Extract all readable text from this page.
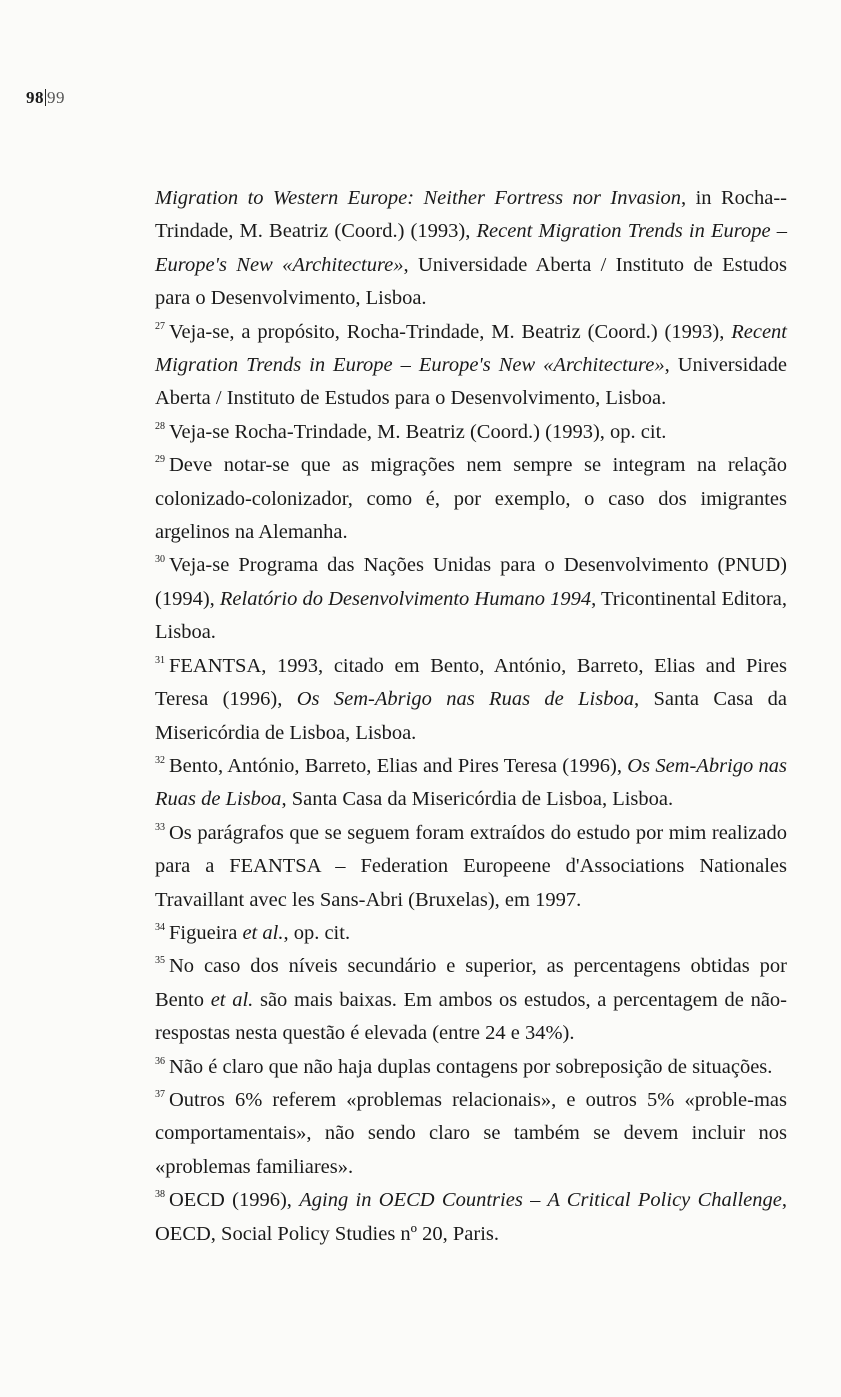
98 99

Migration to Western Europe: Neither Fortress nor Invasion, in Rocha--Trindade, M. Beatriz (Coord.) (1993), Recent Migration Trends in Europe – Europe's New «Architecture», Universidade Aberta / Instituto de Estudos para o Desenvolvimento, Lisboa.

$^{27}$ Veja-se, a propósito, Rocha-Trindade, M. Beatriz (Coord.) (1993), Recent Migration Trends in Europe – Europe's New «Architecture», Universidade Aberta / Instituto de Estudos para o Desenvolvimento, Lisboa.

$^{28}$ Veja-se Rocha-Trindade, M. Beatriz (Coord.) (1993), op. cit.

$^{29}$ Deve notar-se que as migrações nem sempre se integram na relação colonizado-colonizador, como é, por exemplo, o caso dos imigrantes argelinos na Alemanha.

$^{30}$ Veja-se Programa das Nações Unidas para o Desenvolvimento (PNUD) (1994), Relatório do Desenvolvimento Humano 1994, Tricontinental Editora, Lisboa.

$^{31}$ FEANTSA, 1993, citado em Bento, António, Barreto, Elias and Pires Teresa (1996), Os Sem-Abrigo nas Ruas de Lisboa, Santa Casa da Misericórdia de Lisboa, Lisboa.

$^{32}$ Bento, António, Barreto, Elias and Pires Teresa (1996), Os Sem-Abrigo nas Ruas de Lisboa, Santa Casa da Misericórdia de Lisboa, Lisboa.

$^{33}$ Os parágrafos que se seguem foram extraídos do estudo por mim realizado para a FEANTSA – Federation Europeene d'Associations Nationales Travaillant avec les Sans-Abri (Bruxelas), em 1997.

$^{34}$ Figueira et al., op. cit.

$^{35}$ No caso dos níveis secundário e superior, as percentagens obtidas por Bento et al. são mais baixas. Em ambos os estudos, a percentagem de não-respostas nesta questão é elevada (entre 24 e 34%).

$^{36}$ Não é claro que não haja duplas contagens por sobreposição de situações.

$^{37}$ Outros 6% referem «problemas relacionais», e outros 5% «proble-mas comportamentais», não sendo claro se também se devem incluir nos «problemas familiares».

$^{38}$ OECD (1996), Aging in OECD Countries – A Critical Policy Challenge, OECD, Social Policy Studies nº 20, Paris.
